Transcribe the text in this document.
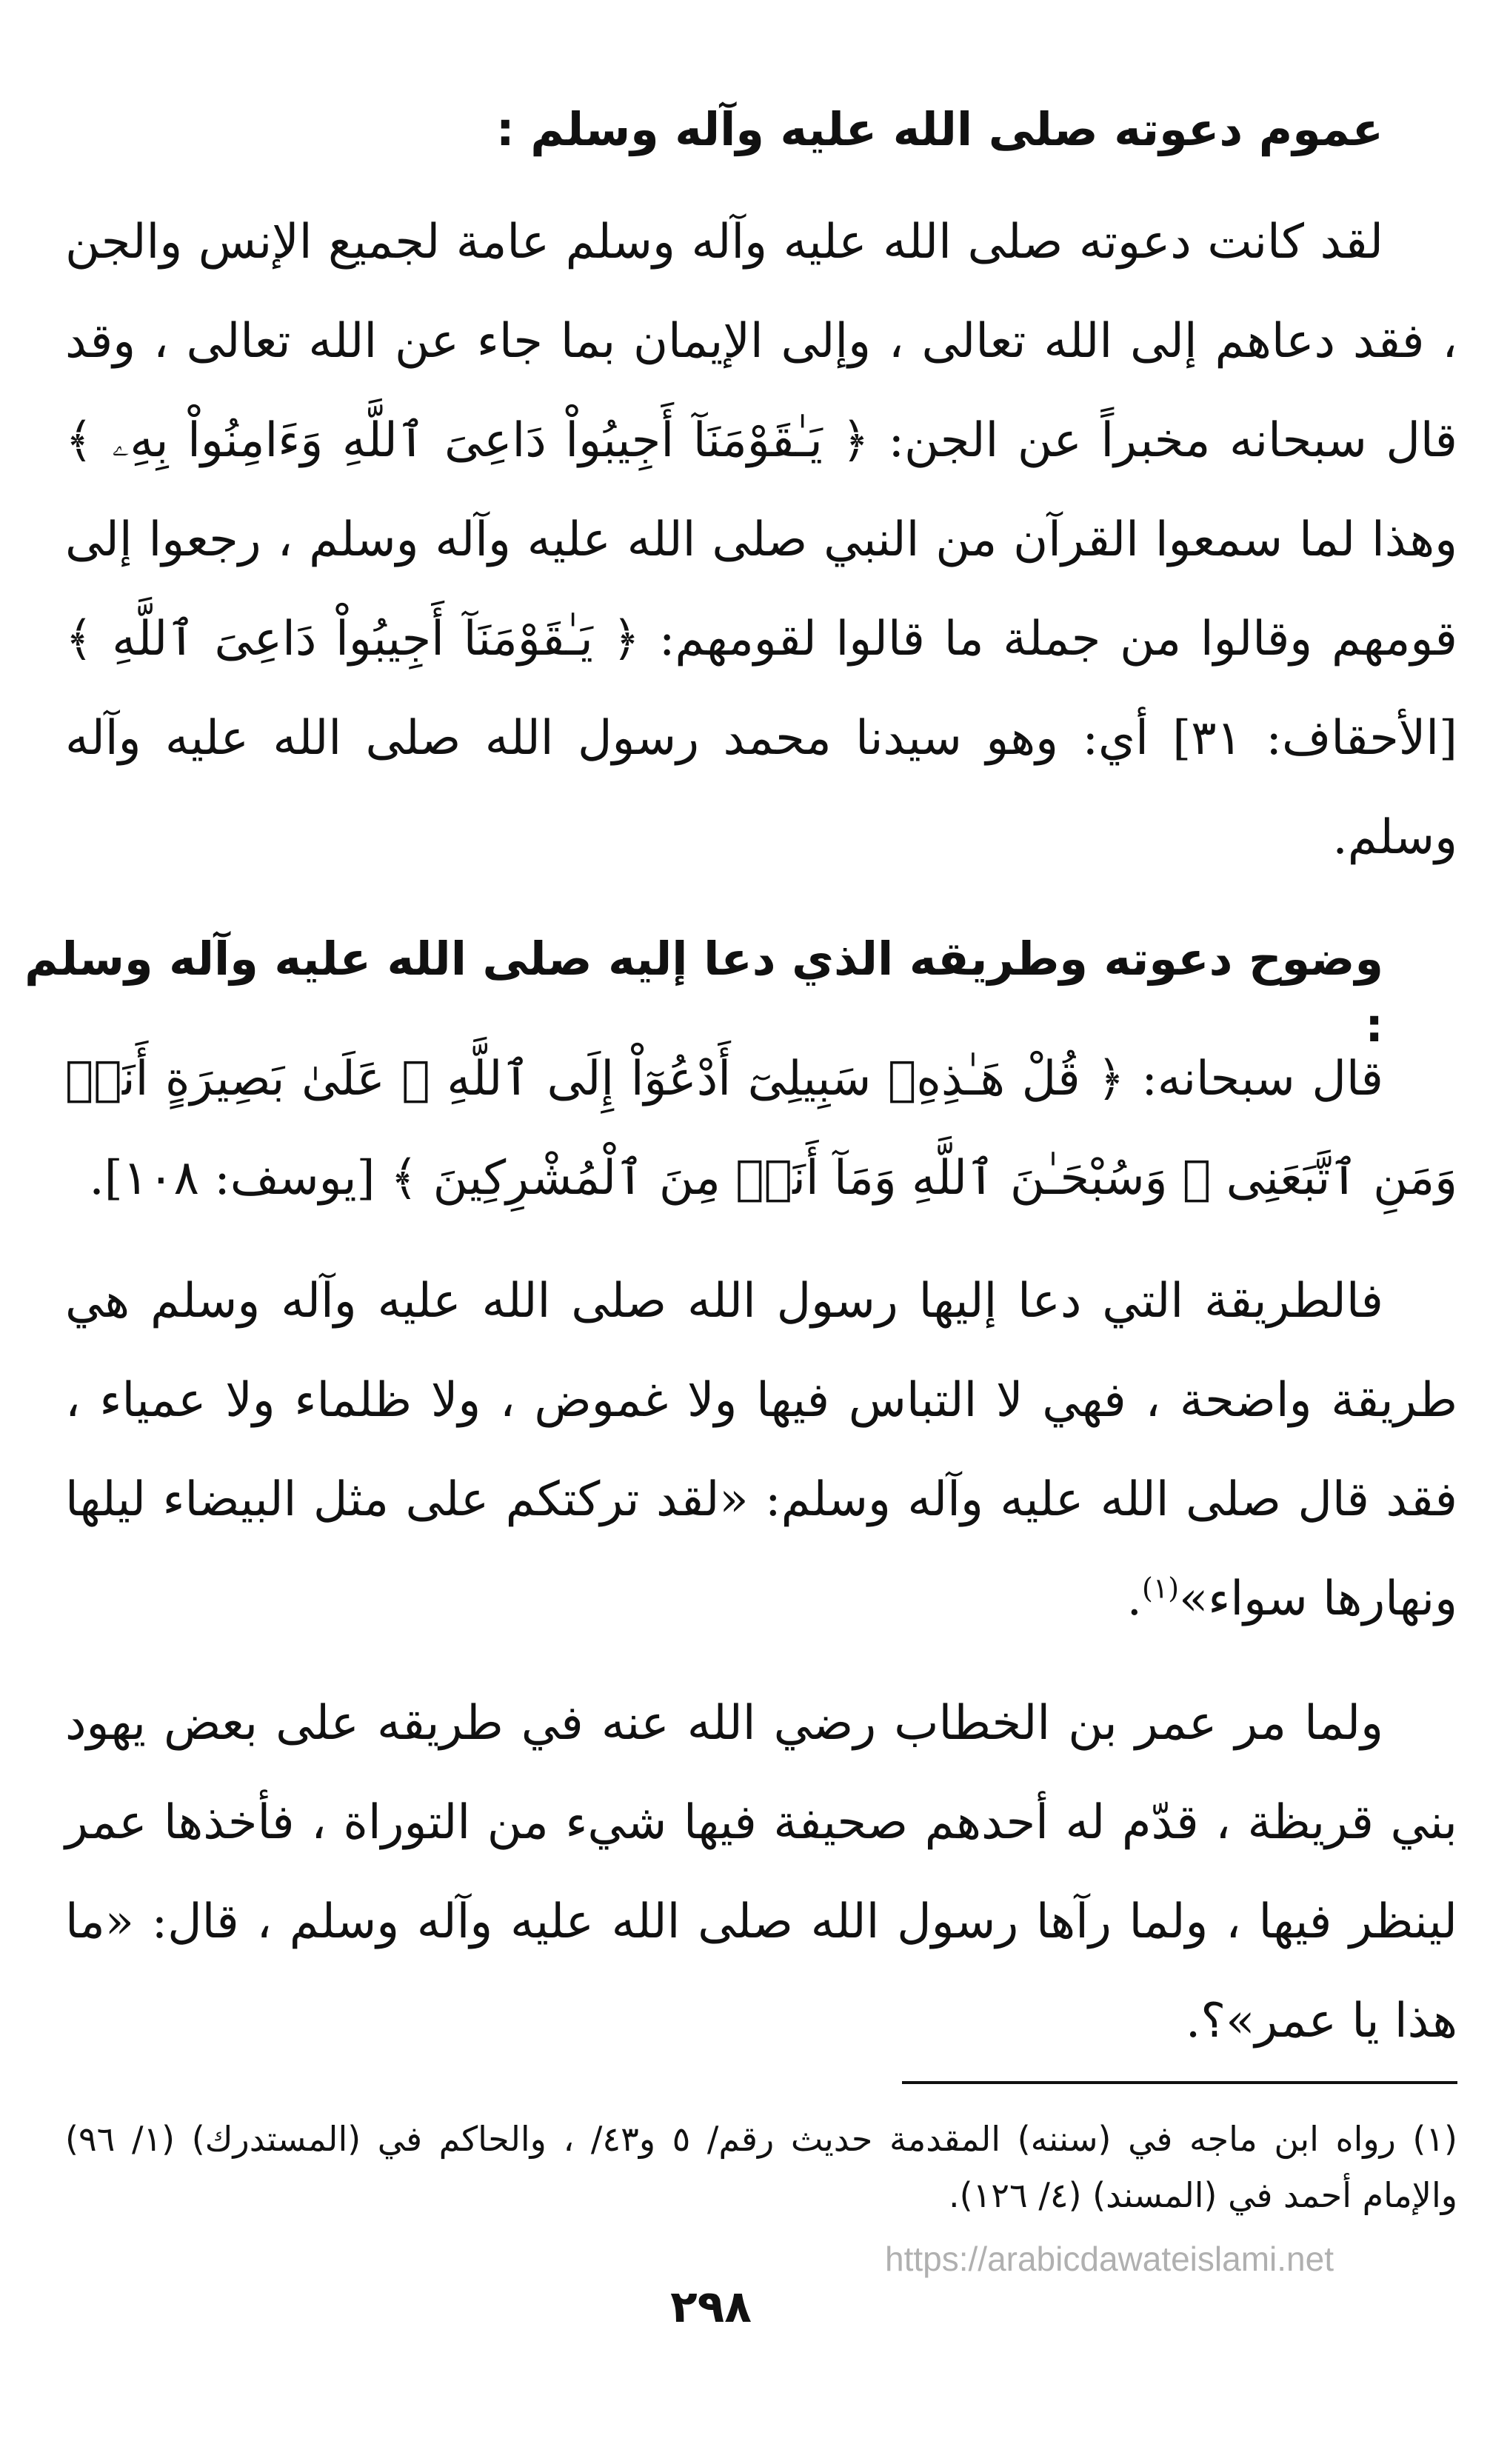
عموم دعوته صلى الله عليه وآله وسلم :

لقد كانت دعوته صلى الله عليه وآله وسلم عامة لجميع الإنس والجن ، فقد دعاهم إلى الله تعالى ، وإلى الإيمان بما جاء عن الله تعالى ، وقد قال سبحانه مخبراً عن الجن: ﴿ يَـٰقَوْمَنَآ أَجِيبُواْ دَاعِىَ ٱللَّهِ وَءَامِنُواْ بِهِۦ ﴾ وهذا لما سمعوا القرآن من النبي صلى الله عليه وآله وسلم ، رجعوا إلى قومهم وقالوا من جملة ما قالوا لقومهم: ﴿ يَـٰقَوْمَنَآ أَجِيبُواْ دَاعِىَ ٱللَّهِ ﴾ [الأحقاف: ٣١] أي: وهو سيدنا محمد رسول الله صلى الله عليه وآله وسلم.

وضوح دعوته وطريقه الذي دعا إليه صلى الله عليه وآله وسلم :

قال سبحانه: ﴿ قُلْ هَـٰذِهِۦ سَبِيلِىٓ أَدْعُوٓاْ إِلَى ٱللَّهِ ۚ عَلَىٰ بَصِيرَةٍ أَنَا۠ وَمَنِ ٱتَّبَعَنِى ۖ وَسُبْحَـٰنَ ٱللَّهِ وَمَآ أَنَا۠ مِنَ ٱلْمُشْرِكِينَ ﴾ [يوسف: ١٠٨].

فالطريقة التي دعا إليها رسول الله صلى الله عليه وآله وسلم هي طريقة واضحة ، فهي لا التباس فيها ولا غموض ، ولا ظلماء ولا عمياء ، فقد قال صلى الله عليه وآله وسلم: «لقد تركتكم على مثل البيضاء ليلها ونهارها سواء»$^{(١)}$.

ولما مر عمر بن الخطاب رضي الله عنه في طريقه على بعض يهود بني قريظة ، قدّم له أحدهم صحيفة فيها شيء من التوراة ، فأخذها عمر لينظر فيها ، ولما رآها رسول الله صلى الله عليه وآله وسلم ، قال: «ما هذا يا عمر»؟.

(١) رواه ابن ماجه في (سننه) المقدمة حديث رقم/ ٥ و٤٣/ ، والحاكم في (المستدرك) (١/ ٩٦) والإمام أحمد في (المسند) (٤/ ١٢٦).

https://arabicdawateislami.net
٢٩٨
